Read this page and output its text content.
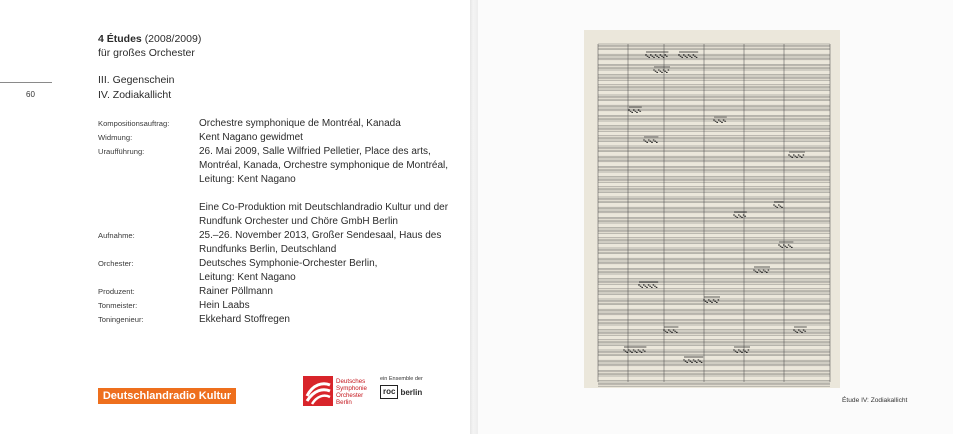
60
4 Études (2008/2009)
für großes Orchester
III. Gegenschein
IV. Zodiakallicht
Kompositionsauftrag:	Orchestre symphonique de Montréal, Kanada
Widmung:	Kent Nagano gewidmet
Uraufführung:	26. Mai 2009, Salle Wilfried Pelletier, Place des arts,
Montréal, Kanada, Orchestre symphonique de Montréal,
Leitung: Kent Nagano
Eine Co-Produktion mit Deutschlandradio Kultur und der
Rundfunk Orchester und Chöre GmbH Berlin
Aufnahme:	25.–26. November 2013, Großer Sendesaal, Haus des
Rundfunks Berlin, Deutschland
Orchester:	Deutsches Symphonie-Orchester Berlin,
Leitung: Kent Nagano
Produzent:	Rainer Pöllmann
Tonmeister:	Hein Laabs
Toningenieur:	Ekkehard Stoffregen
Deutschlandradio Kultur
Deutsches
Symphonie
Orchester
Berlin
ein Ensemble der
roc berlin
Étude IV: Zodiakallicht
